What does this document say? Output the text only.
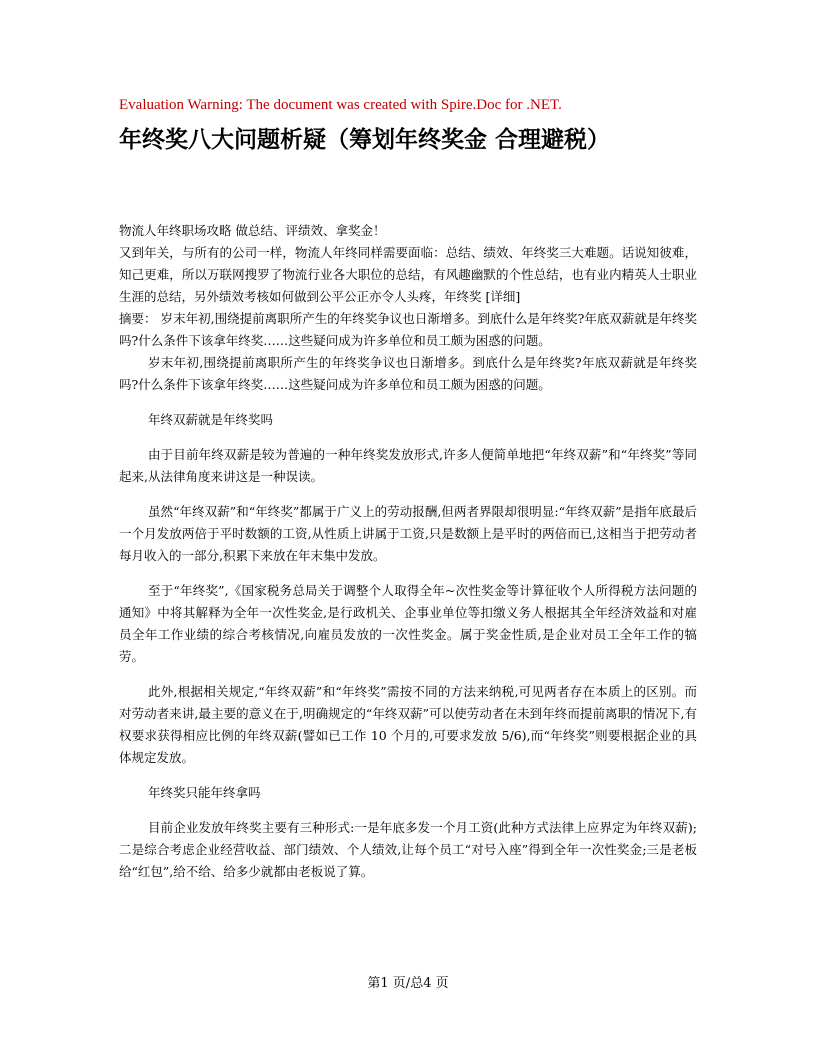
Evaluation Warning: The document was created with Spire.Doc for .NET.
年终奖八大问题析疑（筹划年终奖金 合理避税）

物流人年终职场攻略 做总结、评绩效、拿奖金！

又到年关，与所有的公司一样，物流人年终同样需要面临：总结、绩效、年终奖三大难题。话说知彼难，知己更难，所以万联网搜罗了物流行业各大职位的总结，有风趣幽默的个性总结，也有业内精英人士职业生涯的总结，另外绩效考核如何做到公平公正亦令人头疼，年终奖 [详细]

摘要： 岁末年初,围绕提前离职所产生的年终奖争议也日渐增多。到底什么是年终奖?年底双薪就是年终奖吗?什么条件下该拿年终奖……这些疑问成为许多单位和员工颇为困惑的问题。

岁末年初,围绕提前离职所产生的年终奖争议也日渐增多。到底什么是年终奖?年底双薪就是年终奖吗?什么条件下该拿年终奖……这些疑问成为许多单位和员工颇为困惑的问题。

年终双薪就是年终奖吗

由于目前年终双薪是较为普遍的一种年终奖发放形式,许多人便简单地把“年终双薪”和“年终奖”等同起来,从法律角度来讲这是一种误读。

虽然“年终双薪”和“年终奖”都属于广义上的劳动报酬,但两者界限却很明显:“年终双薪”是指年底最后一个月发放两倍于平时数额的工资,从性质上讲属于工资,只是数额上是平时的两倍而已,这相当于把劳动者每月收入的一部分,积累下来放在年末集中发放。

至于“年终奖”,《国家税务总局关于调整个人取得全年~次性奖金等计算征收个人所得税方法问题的通知》中将其解释为全年一次性奖金,是行政机关、企事业单位等扣缴义务人根据其全年经济效益和对雇员全年工作业绩的综合考核情况,向雇员发放的一次性奖金。属于奖金性质,是企业对员工全年工作的犒劳。

此外,根据相关规定,“年终双薪”和“年终奖”需按不同的方法来纳税,可见两者存在本质上的区别。而对劳动者来讲,最主要的意义在于,明确规定的“年终双薪”可以使劳动者在未到年终而提前离职的情况下,有权要求获得相应比例的年终双薪(譬如已工作 10 个月的,可要求发放 5/6),而“年终奖”则要根据企业的具体规定发放。

年终奖只能年终拿吗

目前企业发放年终奖主要有三种形式:一是年底多发一个月工资(此种方式法律上应界定为年终双薪);二是综合考虑企业经营收益、部门绩效、个人绩效,让每个员工“对号入座”得到全年一次性奖金;三是老板给“红包”,给不给、给多少就都由老板说了算。

第1 页/总4 页
